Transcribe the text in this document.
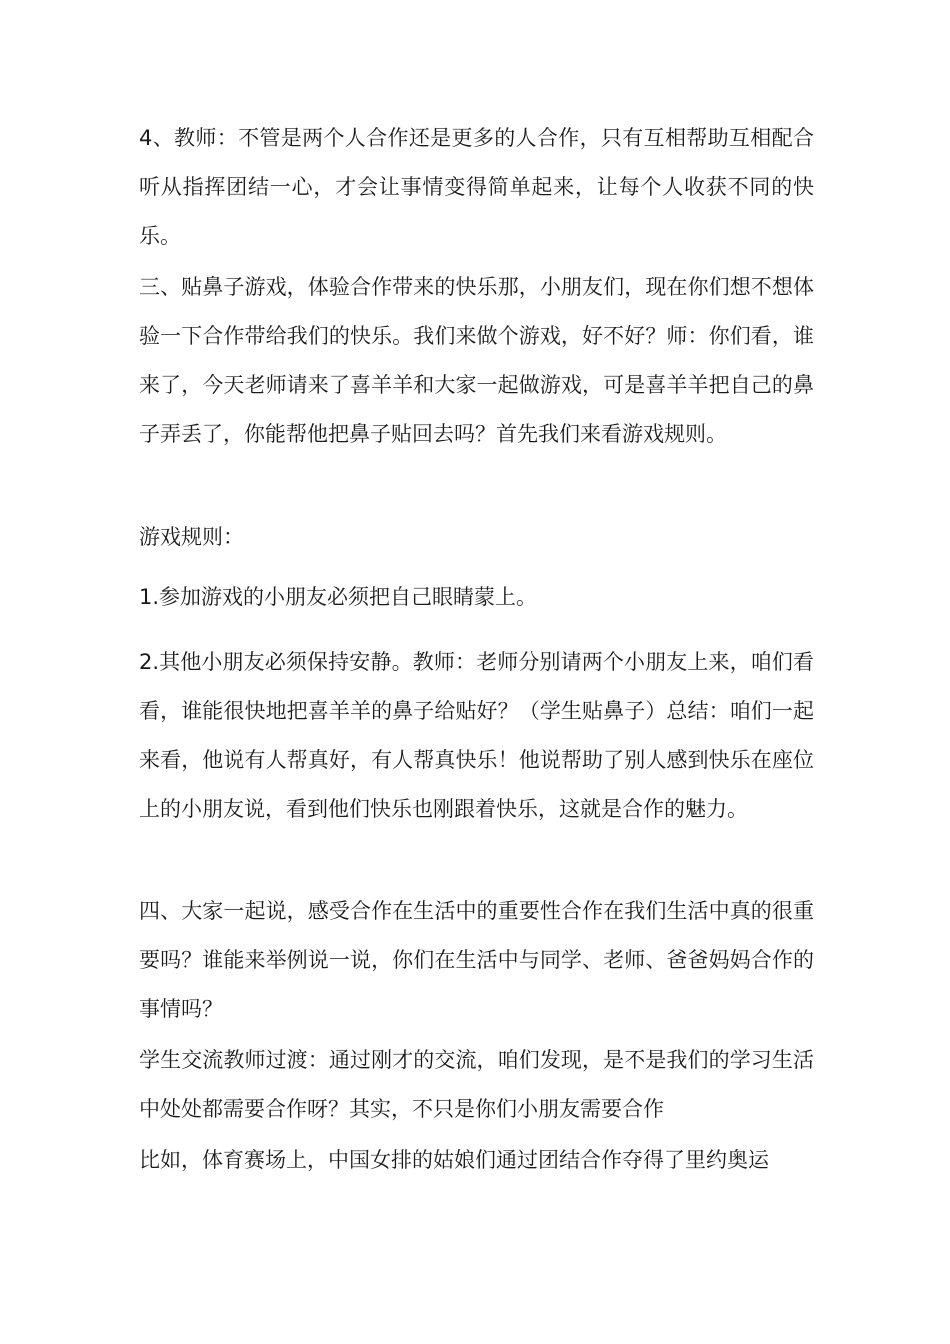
4、教师：不管是两个人合作还是更多的人合作，只有互相帮助互相配合听从指挥团结一心，才会让事情变得简单起来，让每个人收获不同的快乐。

三、贴鼻子游戏，体验合作带来的快乐那，小朋友们，现在你们想不想体验一下合作带给我们的快乐。我们来做个游戏，好不好？师：你们看，谁来了，今天老师请来了喜羊羊和大家一起做游戏，可是喜羊羊把自己的鼻子弄丢了，你能帮他把鼻子贴回去吗？首先我们来看游戏规则。

游戏规则：

1.参加游戏的小朋友必须把自己眼睛蒙上。

2.其他小朋友必须保持安静。教师：老师分别请两个小朋友上来，咱们看看，谁能很快地把喜羊羊的鼻子给贴好？（学生贴鼻子）总结：咱们一起来看，他说有人帮真好，有人帮真快乐！他说帮助了别人感到快乐在座位上的小朋友说，看到他们快乐也刚跟着快乐，这就是合作的魅力。

四、大家一起说，感受合作在生活中的重要性合作在我们生活中真的很重要吗？谁能来举例说一说，你们在生活中与同学、老师、爸爸妈妈合作的事情吗？

学生交流教师过渡：通过刚才的交流，咱们发现，是不是我们的学习生活中处处都需要合作呀？其实，不只是你们小朋友需要合作

比如，体育赛场上，中国女排的姑娘们通过团结合作夺得了里约奥运
